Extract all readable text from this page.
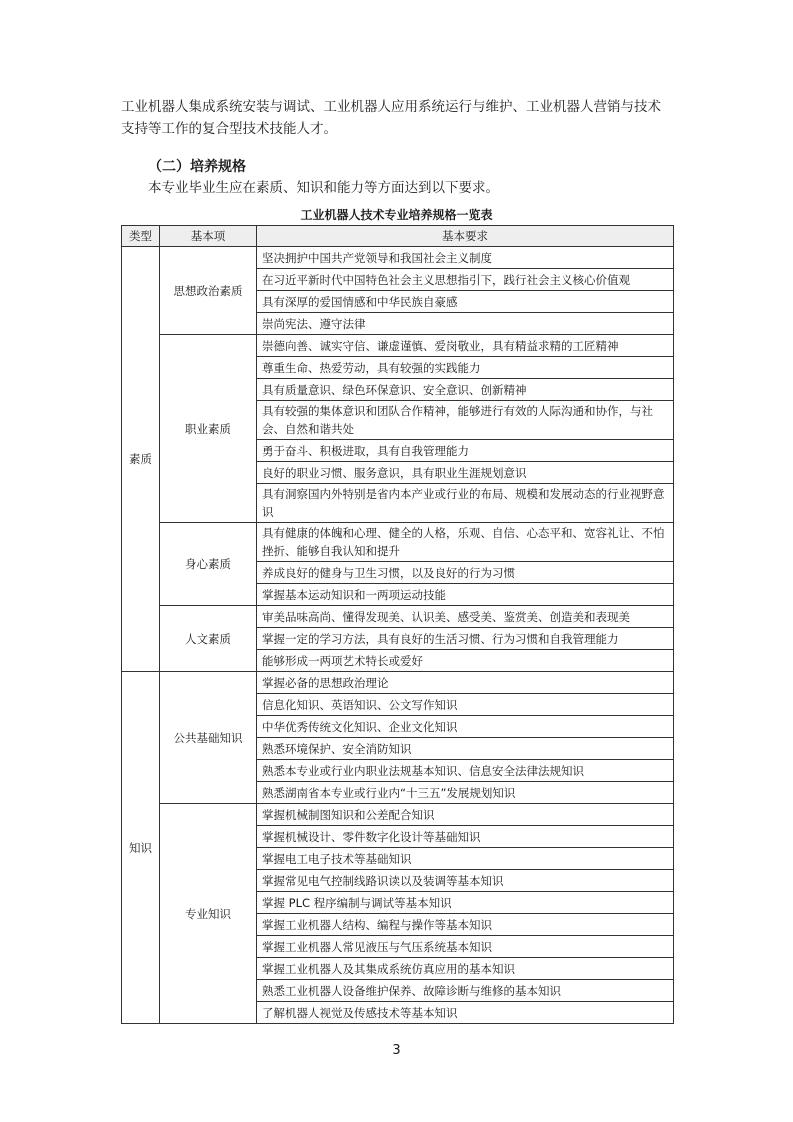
工业机器人集成系统安装与调试、工业机器人应用系统运行与维护、工业机器人营销与技术支持等工作的复合型技术技能人才。

（二）培养规格

本专业毕业生应在素质、知识和能力等方面达到以下要求。

工业机器人技术专业培养规格一览表

类型	基本项	基本要求
素质	思想政治素质	坚决拥护中国共产党领导和我国社会主义制度
		在习近平新时代中国特色社会主义思想指引下，践行社会主义核心价值观
		具有深厚的爱国情感和中华民族自豪感
		崇尚宪法、遵守法律
	职业素质	崇德向善、诚实守信、谦虚谨慎、爱岗敬业，具有精益求精的工匠精神
		尊重生命、热爱劳动，具有较强的实践能力
		具有质量意识、绿色环保意识、安全意识、创新精神
		具有较强的集体意识和团队合作精神，能够进行有效的人际沟通和协作，与社会、自然和谐共处
		勇于奋斗、积极进取，具有自我管理能力
		良好的职业习惯、服务意识，具有职业生涯规划意识
		具有洞察国内外特别是省内本产业或行业的布局、规模和发展动态的行业视野意识
	身心素质	具有健康的体魄和心理、健全的人格，乐观、自信、心态平和、宽容礼让、不怕挫折、能够自我认知和提升
		养成良好的健身与卫生习惯，以及良好的行为习惯
		掌握基本运动知识和一两项运动技能
	人文素质	审美品味高尚、懂得发现美、认识美、感受美、鉴赏美、创造美和表现美
		掌握一定的学习方法，具有良好的生活习惯、行为习惯和自我管理能力
		能够形成一两项艺术特长或爱好
知识	公共基础知识	掌握必备的思想政治理论
		信息化知识、英语知识、公文写作知识
		中华优秀传统文化知识、企业文化知识
		熟悉环境保护、安全消防知识
		熟悉本专业或行业内职业法规基本知识、信息安全法律法规知识
		熟悉湖南省本专业或行业内“十三五”发展规划知识
	专业知识	掌握机械制图知识和公差配合知识
		掌握机械设计、零件数字化设计等基础知识
		掌握电工电子技术等基础知识
		掌握常见电气控制线路识读以及装调等基本知识
		掌握 PLC 程序编制与调试等基本知识
		掌握工业机器人结构、编程与操作等基本知识
		掌握工业机器人常见液压与气压系统基本知识
		掌握工业机器人及其集成系统仿真应用的基本知识
		熟悉工业机器人设备维护保养、故障诊断与维修的基本知识
		了解机器人视觉及传感技术等基本知识

3
